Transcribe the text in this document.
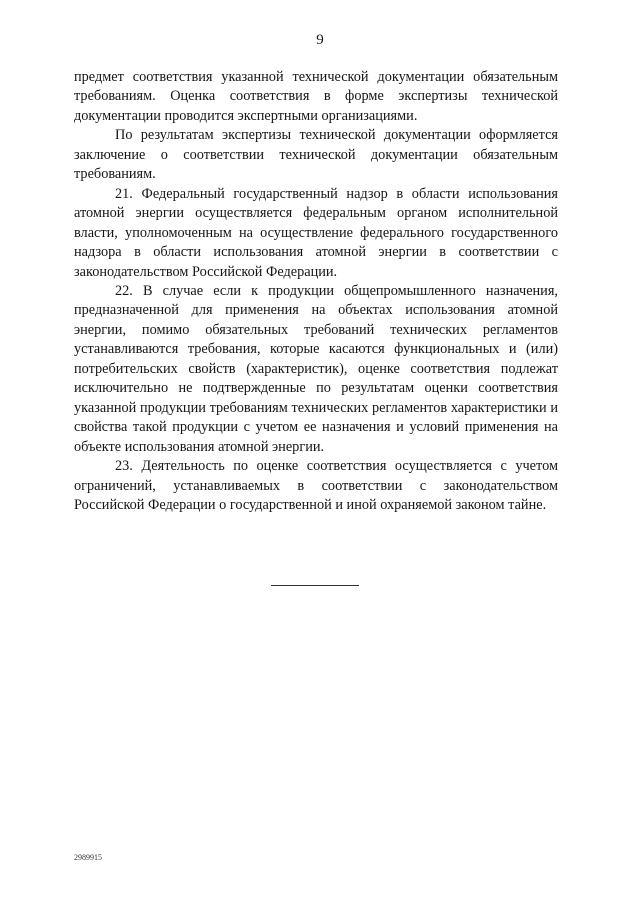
9

предмет соответствия указанной технической документации обязательным требованиям. Оценка соответствия в форме экспертизы технической документации проводится экспертными организациями.

По результатам экспертизы технической документации оформляется заключение о соответствии технической документации обязательным требованиям.

21. Федеральный государственный надзор в области использования атомной энергии осуществляется федеральным органом исполнительной власти, уполномоченным на осуществление федерального государственного надзора в области использования атомной энергии в соответствии с законодательством Российской Федерации.

22. В случае если к продукции общепромышленного назначения, предназначенной для применения на объектах использования атомной энергии, помимо обязательных требований технических регламентов устанавливаются требования, которые касаются функциональных и (или) потребительских свойств (характеристик), оценке соответствия подлежат исключительно не подтвержденные по результатам оценки соответствия указанной продукции требованиям технических регламентов характеристики и свойства такой продукции с учетом ее назначения и условий применения на объекте использования атомной энергии.

23. Деятельность по оценке соответствия осуществляется с учетом ограничений, устанавливаемых в соответствии с законодательством Российской Федерации о государственной и иной охраняемой законом тайне.

2989915
